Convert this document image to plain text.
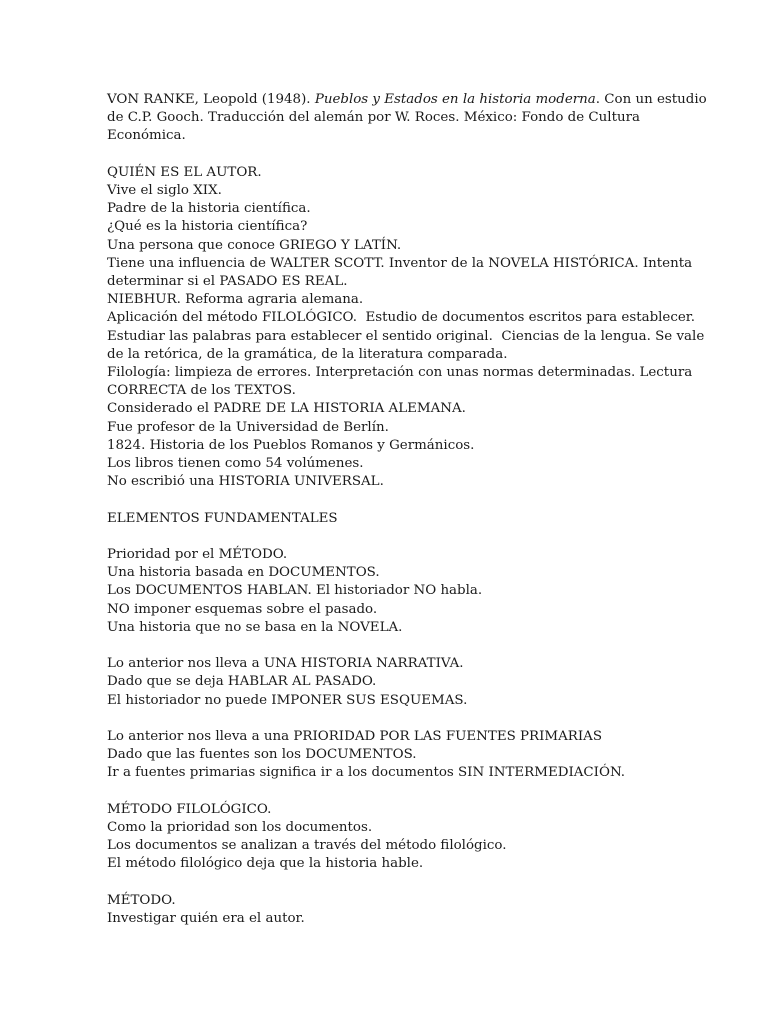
VON RANKE, Leopold (1948). Pueblos y Estados en la historia moderna. Con un estudio
de C.P. Gooch. Traducción del alemán por W. Roces. México: Fondo de Cultura
Económica.
QUIÉN ES EL AUTOR.
Vive el siglo XIX.
Padre de la historia científica.
¿Qué es la historia científica?
Una persona que conoce GRIEGO Y LATÍN.
Tiene una influencia de WALTER SCOTT. Inventor de la NOVELA HISTÓRICA. Intenta
determinar si el PASADO ES REAL.
NIEBHUR. Reforma agraria alemana.
Aplicación del método FILOLÓGICO.  Estudio de documentos escritos para establecer.
Estudiar las palabras para establecer el sentido original.  Ciencias de la lengua. Se vale
de la retórica, de la gramática, de la literatura comparada.
Filología: limpieza de errores. Interpretación con unas normas determinadas. Lectura
CORRECTA de los TEXTOS.
Considerado el PADRE DE LA HISTORIA ALEMANA.
Fue profesor de la Universidad de Berlín.
1824. Historia de los Pueblos Romanos y Germánicos.
Los libros tienen como 54 volúmenes.
No escribió una HISTORIA UNIVERSAL.
ELEMENTOS FUNDAMENTALES
Prioridad por el MÉTODO.
Una historia basada en DOCUMENTOS.
Los DOCUMENTOS HABLAN. El historiador NO habla.
NO imponer esquemas sobre el pasado.
Una historia que no se basa en la NOVELA.
Lo anterior nos lleva a UNA HISTORIA NARRATIVA.
Dado que se deja HABLAR AL PASADO.
El historiador no puede IMPONER SUS ESQUEMAS.
Lo anterior nos lleva a una PRIORIDAD POR LAS FUENTES PRIMARIAS
Dado que las fuentes son los DOCUMENTOS.
Ir a fuentes primarias significa ir a los documentos SIN INTERMEDIACIÓN.
MÉTODO FILOLÓGICO.
Como la prioridad son los documentos.
Los documentos se analizan a través del método filológico.
El método filológico deja que la historia hable.
MÉTODO.
Investigar quién era el autor.
